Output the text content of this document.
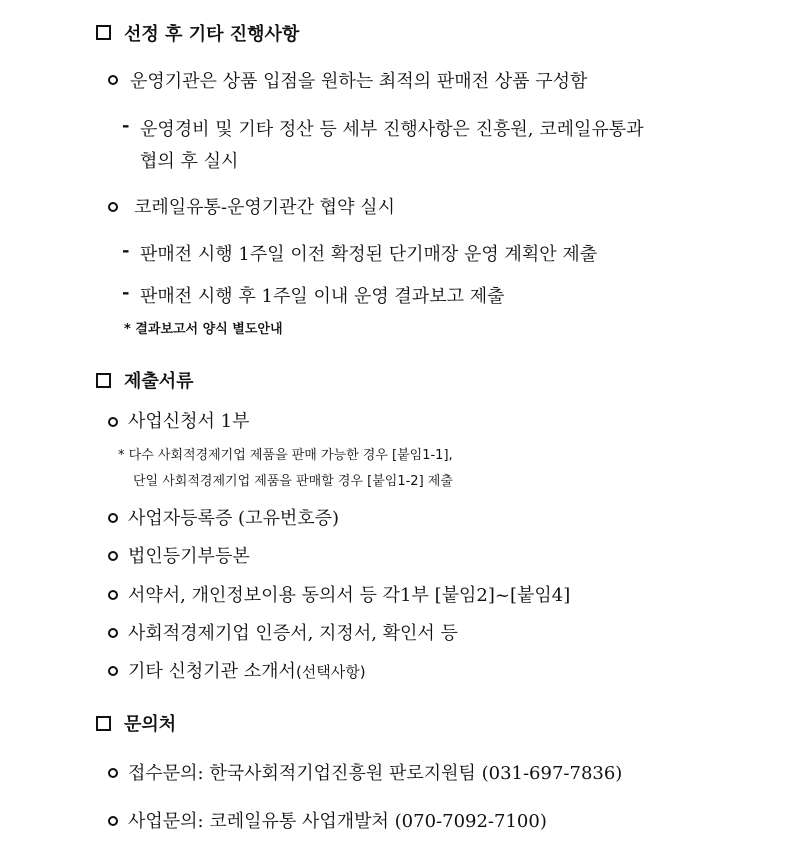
선정 후 기타 진행사항
운영기관은 상품 입점을 원하는 최적의 판매전 상품 구성함
- 운영경비 및 기타 정산 등 세부 진행사항은 진흥원, 코레일유통과
협의 후 실시
코레일유통-운영기관간 협약 실시
- 판매전 시행 1주일 이전 확정된 단기매장 운영 계획안 제출
- 판매전 시행 후 1주일 이내 운영 결과보고 제출
* 결과보고서 양식 별도안내
제출서류
사업신청서 1부
* 다수 사회적경제기업 제품을 판매 가능한 경우 [붙임1-1],
단일 사회적경제기업 제품을 판매할 경우 [붙임1-2] 제출
사업자등록증 (고유번호증)
법인등기부등본
서약서, 개인정보이용 동의서 등 각1부 [붙임2]~[붙임4]
사회적경제기업 인증서, 지정서, 확인서 등
기타 신청기관 소개서(선택사항)
문의처
접수문의: 한국사회적기업진흥원 판로지원팀 (031-697-7836)
사업문의: 코레일유통 사업개발처 (070-7092-7100)
